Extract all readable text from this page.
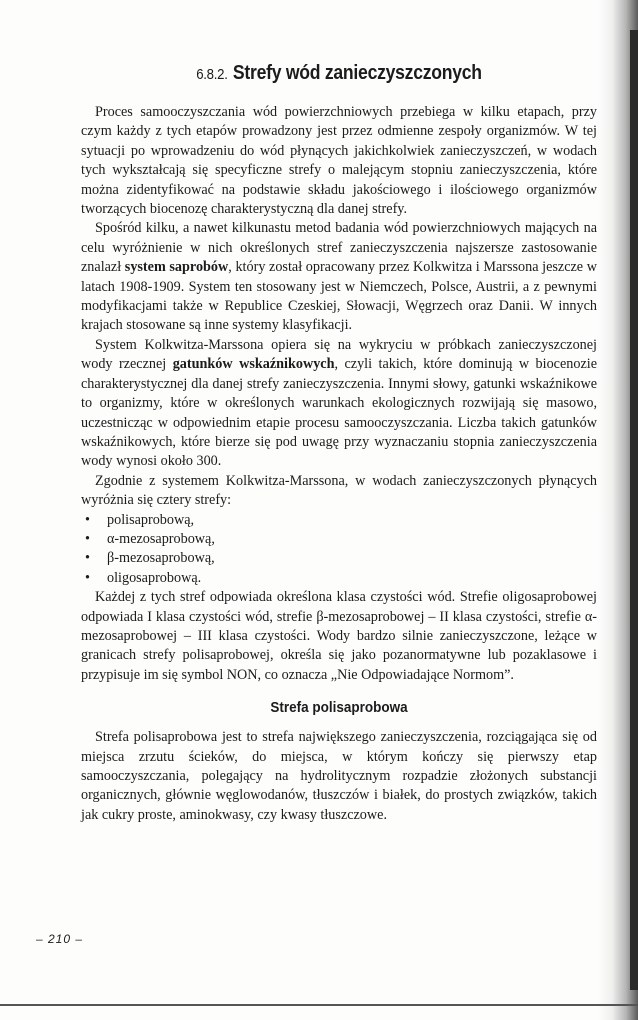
6.8.2. Strefy wód zanieczyszczonych

Proces samooczyszczania wód powierzchniowych przebiega w kilku etapach, przy czym każdy z tych etapów prowadzony jest przez odmienne zespoły organizmów. W tej sytuacji po wprowadzeniu do wód płynących jakichkolwiek zanieczyszczeń, w wodach tych wykształcają się specyficzne strefy o malejącym stopniu zanieczyszczenia, które można zidentyfikować na podstawie składu jakościowego i ilościowego organizmów tworzących biocenozę charakterystyczną dla danej strefy.

Spośród kilku, a nawet kilkunastu metod badania wód powierzchniowych mających na celu wyróżnienie w nich określonych stref zanieczyszczenia najszersze zastosowanie znalazł system saprobów, który został opracowany przez Kolkwitza i Marssona jeszcze w latach 1908-1909. System ten stosowany jest w Niemczech, Polsce, Austrii, a z pewnymi modyfikacjami także w Republice Czeskiej, Słowacji, Węgrzech oraz Danii. W innych krajach stosowane są inne systemy klasyfikacji.

System Kolkwitza-Marssona opiera się na wykryciu w próbkach zanieczyszczonej wody rzecznej gatunków wskaźnikowych, czyli takich, które dominują w biocenozie charakterystycznej dla danej strefy zanieczyszczenia. Innymi słowy, gatunki wskaźnikowe to organizmy, które w określonych warunkach ekologicznych rozwijają się masowo, uczestnicząc w odpowiednim etapie procesu samooczyszczania. Liczba takich gatunków wskaźnikowych, które bierze się pod uwagę przy wyznaczaniu stopnia zanieczyszczenia wody wynosi około 300.

Zgodnie z systemem Kolkwitza-Marssona, w wodach zanieczyszczonych płynących wyróżnia się cztery strefy:

• polisaprobową,
• α-mezosaprobową,
• β-mezosaprobową,
• oligosaprobową.

Każdej z tych stref odpowiada określona klasa czystości wód. Strefie oligosaprobowej odpowiada I klasa czystości wód, strefie β-mezosaprobowej – II klasa czystości, strefie α-mezosaprobowej – III klasa czystości. Wody bardzo silnie zanieczyszczone, leżące w granicach strefy polisaprobowej, określa się jako pozanormatywne lub pozaklasowe i przypisuje im się symbol NON, co oznacza „Nie Odpowiadające Normom”.

Strefa polisaprobowa

Strefa polisaprobowa jest to strefa największego zanieczyszczenia, rozciągająca się od miejsca zrzutu ścieków, do miejsca, w którym kończy się pierwszy etap samooczyszczania, polegający na hydrolitycznym rozpadzie złożonych substancji organicznych, głównie węglowodanów, tłuszczów i białek, do prostych związków, takich jak cukry proste, aminokwasy, czy kwasy tłuszczowe.

– 210 –
